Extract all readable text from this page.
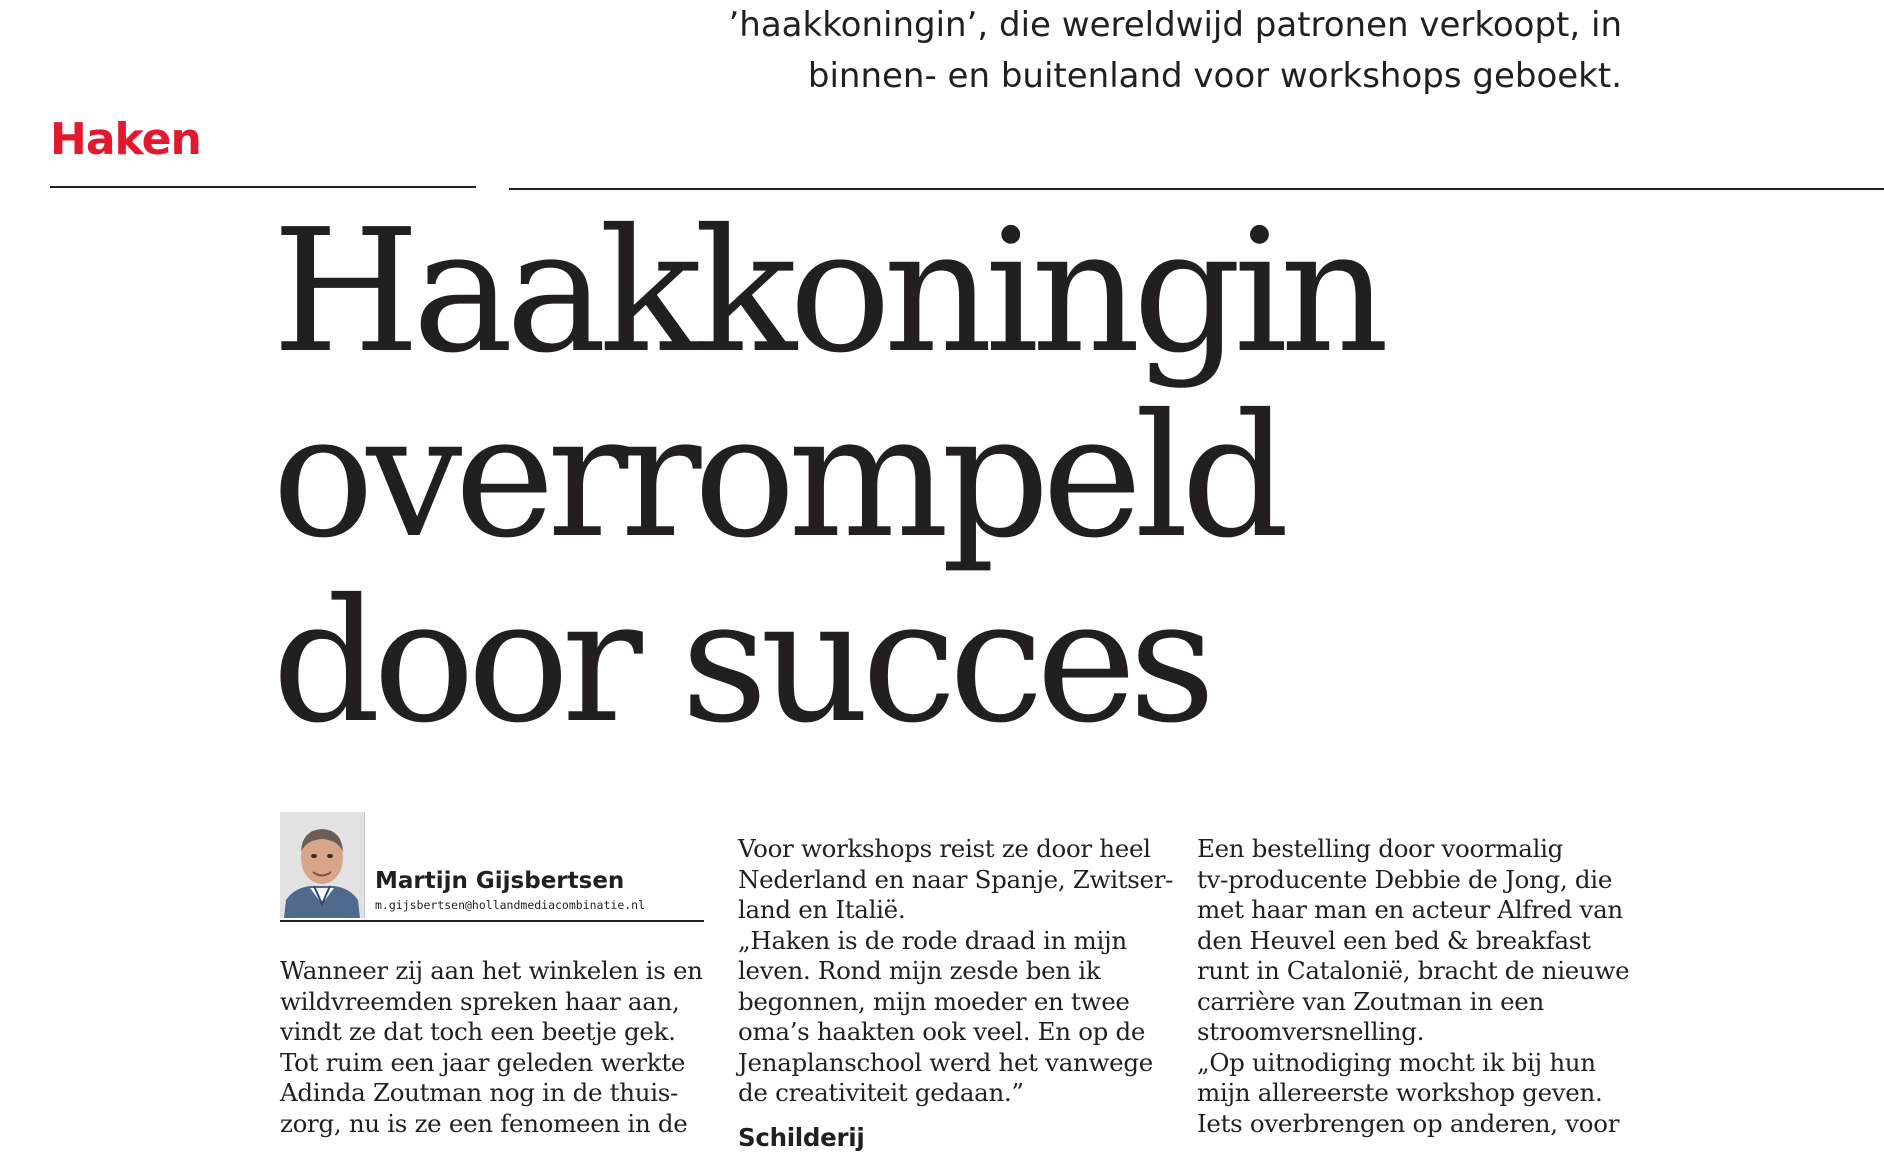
’haakkoningin’, die wereldwijd patronen verkoopt, in
binnen- en buitenland voor workshops geboekt.
Haken
Haakkoningin
overrompeld
door succes
Martijn Gijsbertsen
m.gijsbertsen@hollandmediacombinatie.nl
Wanneer zij aan het winkelen is en
wildvreemden spreken haar aan,
vindt ze dat toch een beetje gek.
Tot ruim een jaar geleden werkte
Adinda Zoutman nog in de thuis-
zorg, nu is ze een fenomeen in de
Voor workshops reist ze door heel
Nederland en naar Spanje, Zwitser-
land en Italië.
„Haken is de rode draad in mijn
leven. Rond mijn zesde ben ik
begonnen, mijn moeder en twee
oma’s haakten ook veel. En op de
Jenaplanschool werd het vanwege
de creativiteit gedaan.”
Schilderij
Een bestelling door voormalig
tv-producente Debbie de Jong, die
met haar man en acteur Alfred van
den Heuvel een bed & breakfast
runt in Catalonië, bracht de nieuwe
carrière van Zoutman in een
stroomversnelling.
„Op uitnodiging mocht ik bij hun
mijn allereerste workshop geven.
Iets overbrengen op anderen, voor
